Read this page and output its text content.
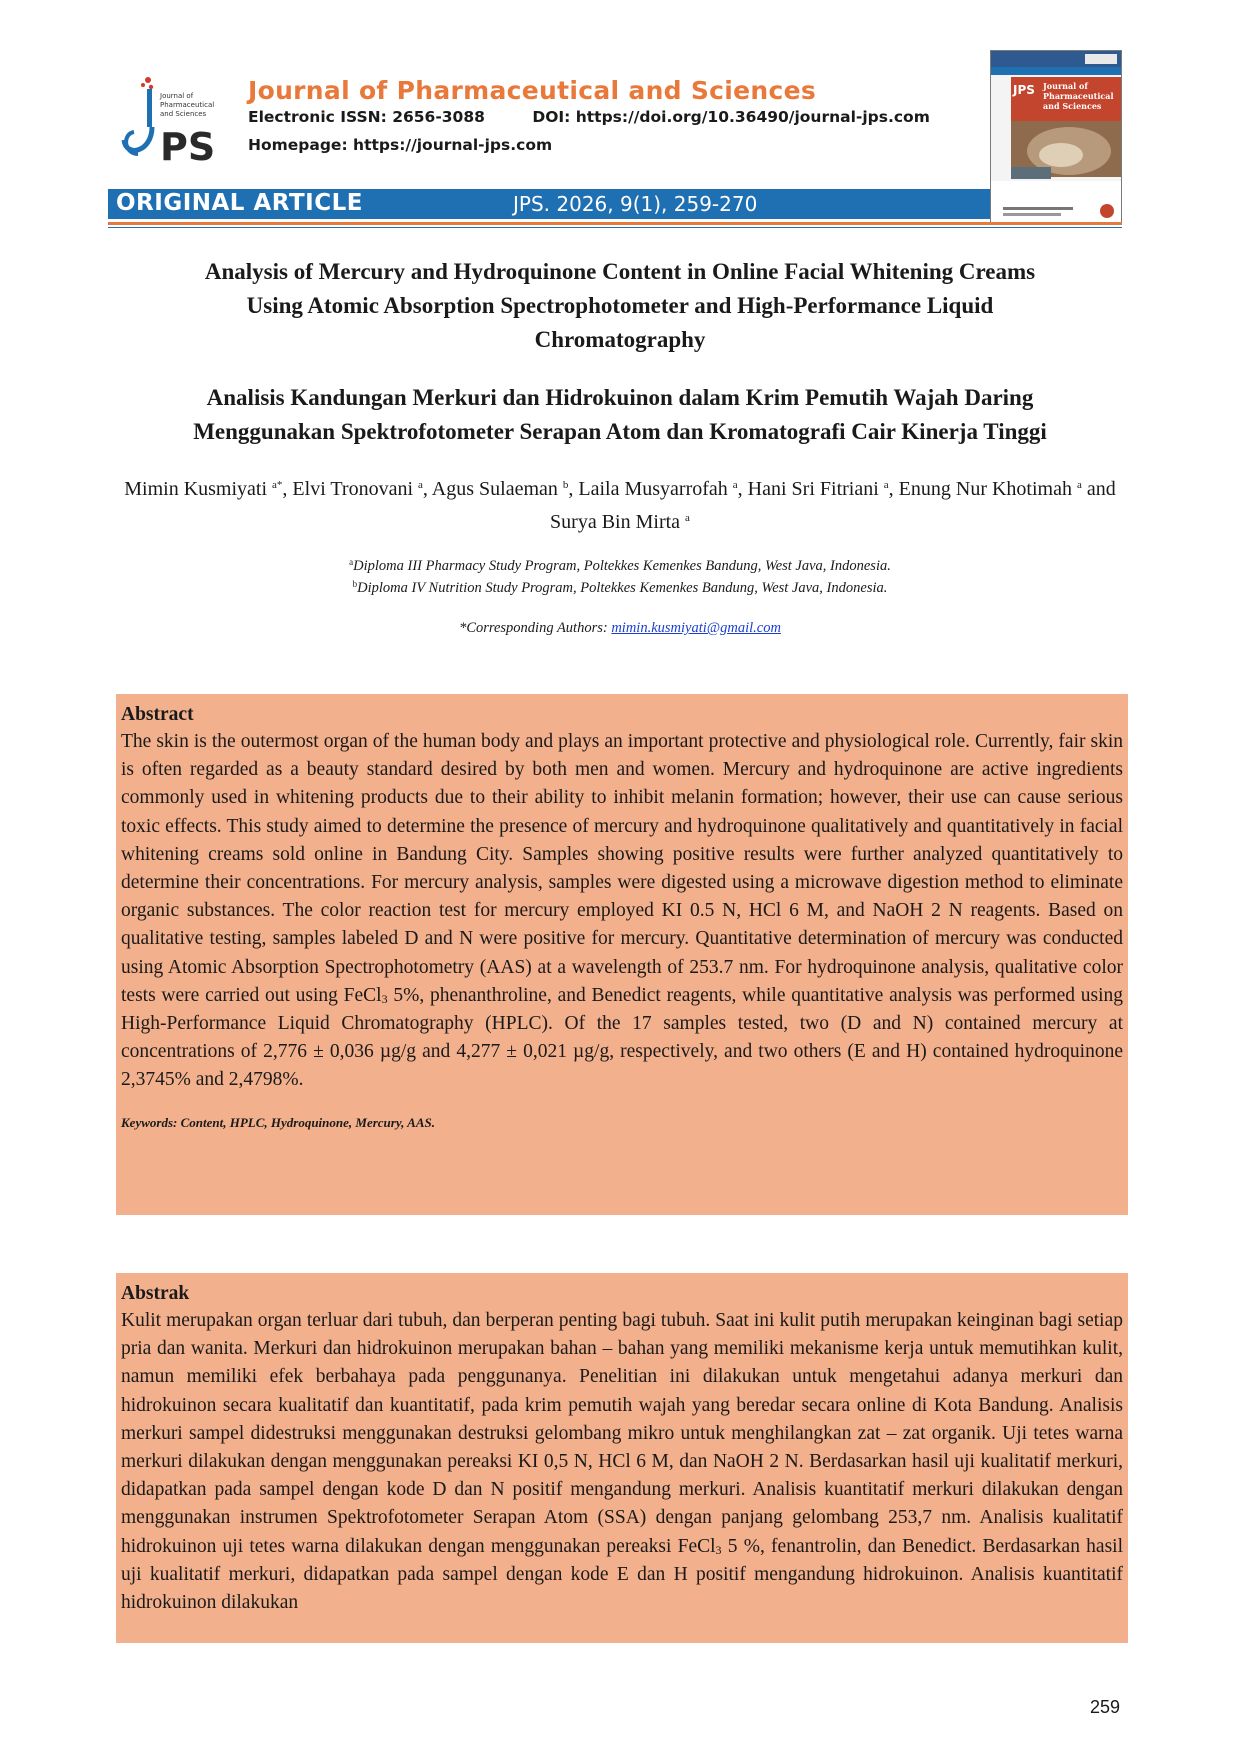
PS
Journal of Pharmaceutical and Sciences
Journal of Pharmaceutical and Sciences
Electronic ISSN: 2656-3088	DOI: https://doi.org/10.36490/journal-jps.com
Homepage: https://journal-jps.com
JPS Journal of Pharmaceutical and Sciences
ORIGINAL ARTICLE	JPS. 2026, 9(1), 259-270
Analysis of Mercury and Hydroquinone Content in Online Facial Whitening Creams
Using Atomic Absorption Spectrophotometer and High-Performance Liquid
Chromatography
Analisis Kandungan Merkuri dan Hidrokuinon dalam Krim Pemutih Wajah Daring
Menggunakan Spektrofotometer Serapan Atom dan Kromatografi Cair Kinerja Tinggi
Mimin Kusmiyati $^{a*}$, Elvi Tronovani $^a$, Agus Sulaeman $^b$, Laila Musyarrofah $^a$, Hani Sri Fitriani $^a$, Enung Nur Khotimah $^a$ and Surya Bin Mirta $^a$
$^a$Diploma III Pharmacy Study Program, Poltekkes Kemenkes Bandung, West Java, Indonesia.
$^b$Diploma IV Nutrition Study Program, Poltekkes Kemenkes Bandung, West Java, Indonesia.
*Corresponding Authors: mimin.kusmiyati@gmail.com
Abstract
The skin is the outermost organ of the human body and plays an important protective and physiological role. Currently, fair skin is often regarded as a beauty standard desired by both men and women. Mercury and hydroquinone are active ingredients commonly used in whitening products due to their ability to inhibit melanin formation; however, their use can cause serious toxic effects. This study aimed to determine the presence of mercury and hydroquinone qualitatively and quantitatively in facial whitening creams sold online in Bandung City. Samples showing positive results were further analyzed quantitatively to determine their concentrations. For mercury analysis, samples were digested using a microwave digestion method to eliminate organic substances. The color reaction test for mercury employed KI 0.5 N, HCl 6 M, and NaOH 2 N reagents. Based on qualitative testing, samples labeled D and N were positive for mercury. Quantitative determination of mercury was conducted using Atomic Absorption Spectrophotometry (AAS) at a wavelength of 253.7 nm. For hydroquinone analysis, qualitative color tests were carried out using FeCl$_3$ 5%, phenanthroline, and Benedict reagents, while quantitative analysis was performed using High-Performance Liquid Chromatography (HPLC). Of the 17 samples tested, two (D and N) contained mercury at concentrations of 2,776 ± 0,036 µg/g and 4,277 ± 0,021 µg/g, respectively, and two others (E and H) contained hydroquinone 2,3745% and 2,4798%.
Keywords: Content, HPLC, Hydroquinone, Mercury, AAS.
Abstrak
Kulit merupakan organ terluar dari tubuh, dan berperan penting bagi tubuh. Saat ini kulit putih merupakan keinginan bagi setiap pria dan wanita. Merkuri dan hidrokuinon merupakan bahan – bahan yang memiliki mekanisme kerja untuk memutihkan kulit, namun memiliki efek berbahaya pada penggunanya. Penelitian ini dilakukan untuk mengetahui adanya merkuri dan hidrokuinon secara kualitatif dan kuantitatif, pada krim pemutih wajah yang beredar secara online di Kota Bandung. Analisis merkuri sampel didestruksi menggunakan destruksi gelombang mikro untuk menghilangkan zat – zat organik. Uji tetes warna merkuri dilakukan dengan menggunakan pereaksi KI 0,5 N, HCl 6 M, dan NaOH 2 N. Berdasarkan hasil uji kualitatif merkuri, didapatkan pada sampel dengan kode D dan N positif mengandung merkuri. Analisis kuantitatif merkuri dilakukan dengan menggunakan instrumen Spektrofotometer Serapan Atom (SSA) dengan panjang gelombang 253,7 nm. Analisis kualitatif hidrokuinon uji tetes warna dilakukan dengan menggunakan pereaksi FeCl$_3$ 5 %, fenantrolin, dan Benedict. Berdasarkan hasil uji kualitatif merkuri, didapatkan pada sampel dengan kode E dan H positif mengandung hidrokuinon. Analisis kuantitatif hidrokuinon dilakukan
259
